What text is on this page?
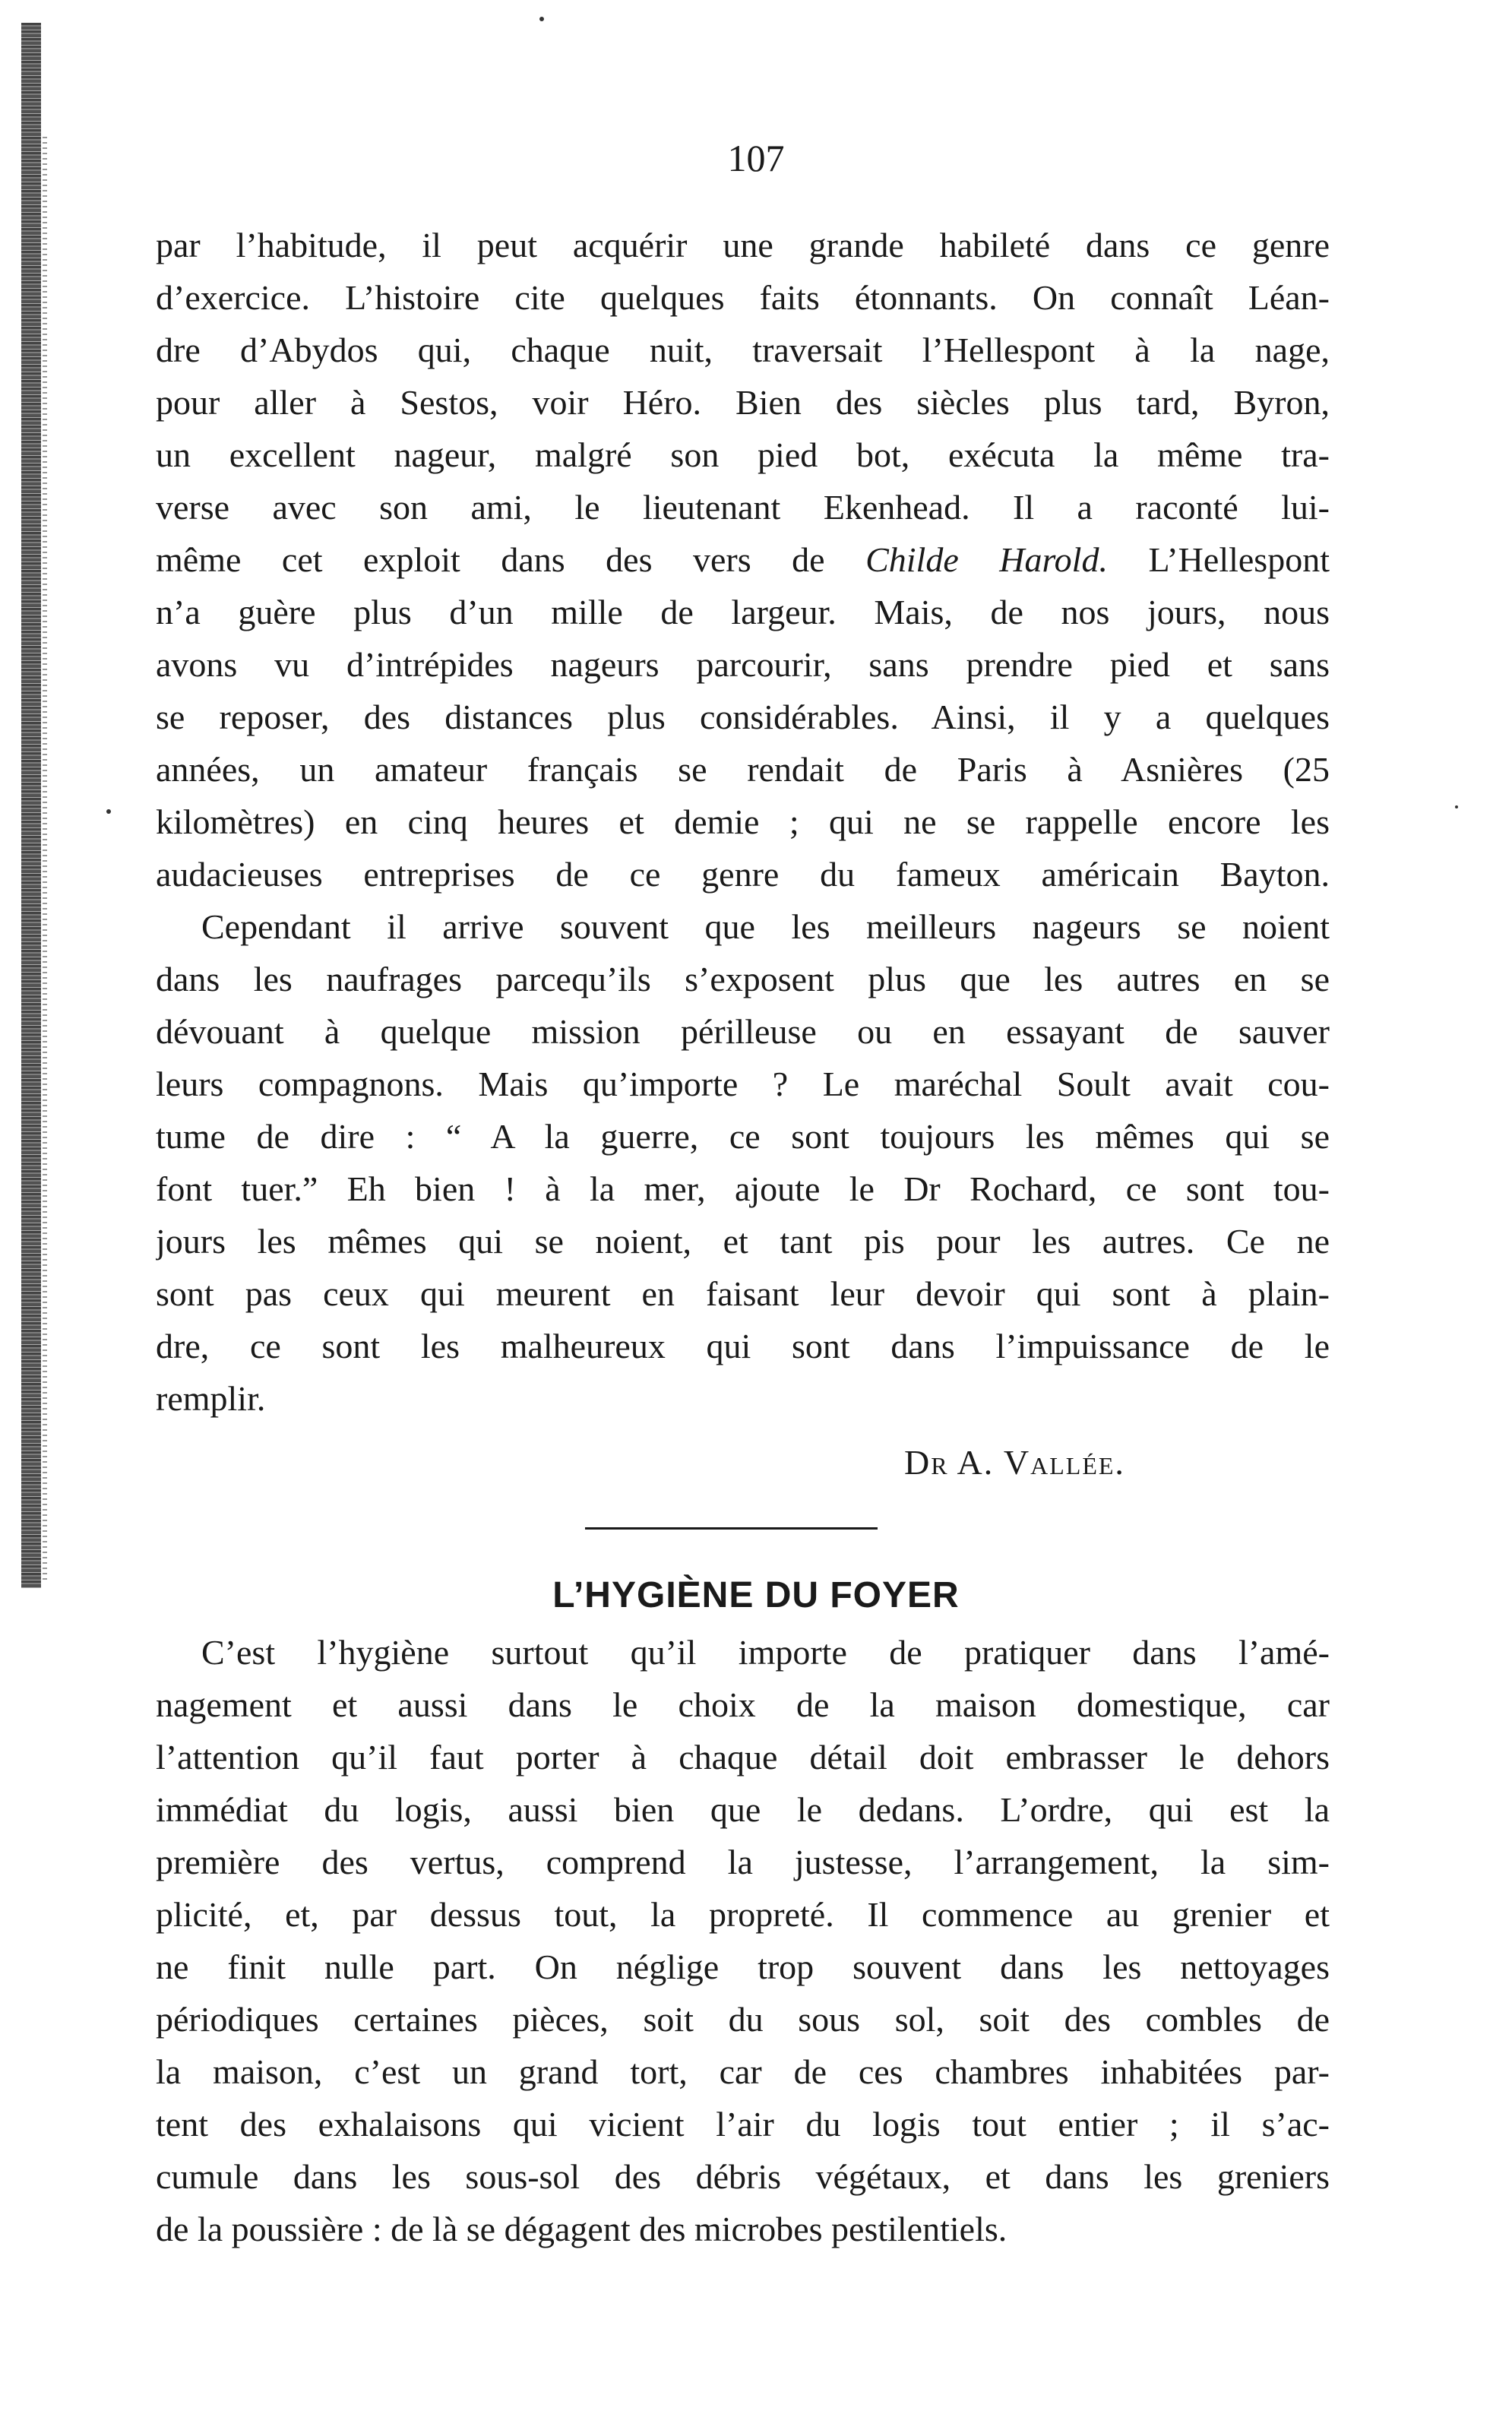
107
par l’habitude, il peut acquérir une grande habileté dans ce genre
d’exercice. L’histoire cite quelques faits étonnants. On connaît Léan-
dre d’Abydos qui, chaque nuit, traversait l’Hellespont à la nage,
pour aller à Sestos, voir Héro. Bien des siècles plus tard, Byron,
un excellent nageur, malgré son pied bot, exécuta la même tra-
verse avec son ami, le lieutenant Ekenhead. Il a raconté lui-
même cet exploit dans des vers de Childe Harold. L’Hellespont
n’a guère plus d’un mille de largeur. Mais, de nos jours, nous
avons vu d’intrépides nageurs parcourir, sans prendre pied et sans
se reposer, des distances plus considérables. Ainsi, il y a quelques
années, un amateur français se rendait de Paris à Asnières (25
kilomètres) en cinq heures et demie ; qui ne se rappelle encore les
audacieuses entreprises de ce genre du fameux américain Bayton.
Cependant il arrive souvent que les meilleurs nageurs se noient
dans les naufrages parcequ’ils s’exposent plus que les autres en se
dévouant à quelque mission périlleuse ou en essayant de sauver
leurs compagnons. Mais qu’importe ? Le maréchal Soult avait cou-
tume de dire : “ A la guerre, ce sont toujours les mêmes qui se
font tuer.” Eh bien ! à la mer, ajoute le Dr Rochard, ce sont tou-
jours les mêmes qui se noient, et tant pis pour les autres. Ce ne
sont pas ceux qui meurent en faisant leur devoir qui sont à plain-
dre, ce sont les malheureux qui sont dans l’impuissance de le
remplir.
Dr A. Vallée.
L’HYGIÈNE DU FOYER
C’est l’hygiène surtout qu’il importe de pratiquer dans l’amé-
nagement et aussi dans le choix de la maison domestique, car
l’attention qu’il faut porter à chaque détail doit embrasser le dehors
immédiat du logis, aussi bien que le dedans. L’ordre, qui est la
première des vertus, comprend la justesse, l’arrangement, la sim-
plicité, et, par dessus tout, la propreté. Il commence au grenier et
ne finit nulle part. On néglige trop souvent dans les nettoyages
périodiques certaines pièces, soit du sous sol, soit des combles de
la maison, c’est un grand tort, car de ces chambres inhabitées par-
tent des exhalaisons qui vicient l’air du logis tout entier ; il s’ac-
cumule dans les sous-sol des débris végétaux, et dans les greniers
de la poussière : de là se dégagent des microbes pestilentiels.
